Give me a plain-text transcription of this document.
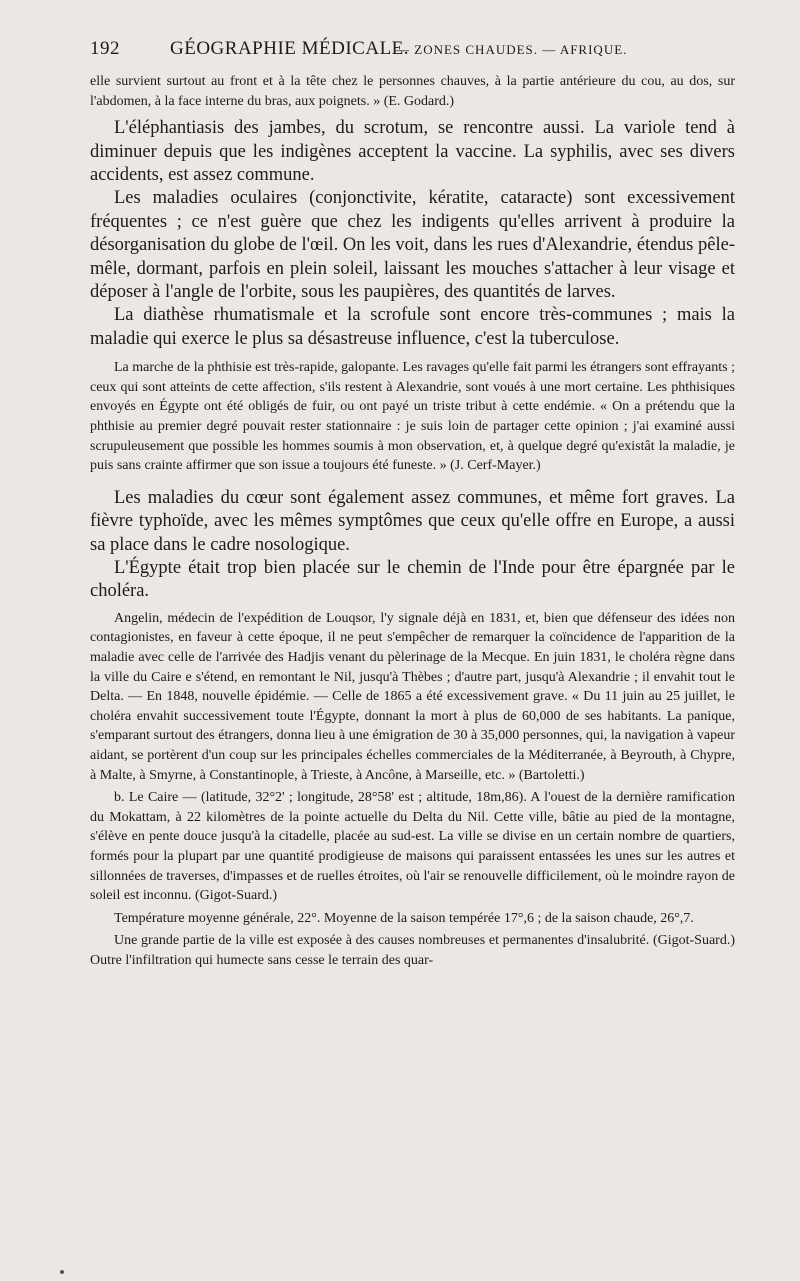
192	GÉOGRAPHIE MÉDICALE.
— ZONES CHAUDES. — AFRIQUE.

elle survient surtout au front et à la tête chez le personnes chauves, à la partie antérieure du cou, au dos, sur l'abdomen, à la face interne du bras, aux poignets. » (E. Godard.)

L'éléphantiasis des jambes, du scrotum, se rencontre aussi. La variole tend à diminuer depuis que les indigènes acceptent la vaccine. La syphilis, avec ses divers accidents, est assez commune.

Les maladies oculaires (conjonctivite, kératite, cataracte) sont excessivement fréquentes ; ce n'est guère que chez les indigents qu'elles arrivent à produire la désorganisation du globe de l'œil. On les voit, dans les rues d'Alexandrie, étendus pêle-mêle, dormant, parfois en plein soleil, laissant les mouches s'attacher à leur visage et déposer à l'angle de l'orbite, sous les paupières, des quantités de larves.

La diathèse rhumatismale et la scrofule sont encore très-communes ; mais la maladie qui exerce le plus sa désastreuse influence, c'est la tuberculose.

La marche de la phthisie est très-rapide, galopante. Les ravages qu'elle fait parmi les étrangers sont effrayants ; ceux qui sont atteints de cette affection, s'ils restent à Alexandrie, sont voués à une mort certaine. Les phthisiques envoyés en Égypte ont été obligés de fuir, ou ont payé un triste tribut à cette endémie. « On a prétendu que la phthisie au premier degré pouvait rester stationnaire : je suis loin de partager cette opinion ; j'ai examiné aussi scrupuleusement que possible les hommes soumis à mon observation, et, à quelque degré qu'existât la maladie, je puis sans crainte affirmer que son issue a toujours été funeste. » (J. Cerf-Mayer.)

Les maladies du cœur sont également assez communes, et même fort graves. La fièvre typhoïde, avec les mêmes symptômes que ceux qu'elle offre en Europe, a aussi sa place dans le cadre nosologique.

L'Égypte était trop bien placée sur le chemin de l'Inde pour être épargnée par le choléra.

Angelin, médecin de l'expédition de Louqsor, l'y signale déjà en 1831, et, bien que défenseur des idées non contagionistes, en faveur à cette époque, il ne peut s'empêcher de remarquer la coïncidence de l'apparition de la maladie avec celle de l'arrivée des Hadjis venant du pèlerinage de la Mecque. En juin 1831, le choléra règne dans la ville du Caire e s'étend, en remontant le Nil, jusqu'à Thèbes ; d'autre part, jusqu'à Alexandrie ; il envahit tout le Delta. — En 1848, nouvelle épidémie. — Celle de 1865 a été excessivement grave. « Du 11 juin au 25 juillet, le choléra envahit successivement toute l'Égypte, donnant la mort à plus de 60,000 de ses habitants. La panique, s'emparant surtout des étrangers, donna lieu à une émigration de 30 à 35,000 personnes, qui, la navigation à vapeur aidant, se portèrent d'un coup sur les principales échelles commerciales de la Méditerranée, à Beyrouth, à Chypre, à Malte, à Smyrne, à Constantinople, à Trieste, à Ancône, à Marseille, etc. » (Bartoletti.)

b. Le Caire — (latitude, 32°2' ; longitude, 28°58' est ; altitude, 18m,86). A l'ouest de la dernière ramification du Mokattam, à 22 kilomètres de la pointe actuelle du Delta du Nil. Cette ville, bâtie au pied de la montagne, s'élève en pente douce jusqu'à la citadelle, placée au sud-est. La ville se divise en un certain nombre de quartiers, formés pour la plupart par une quantité prodigieuse de maisons qui paraissent entassées les unes sur les autres et sillonnées de traverses, d'impasses et de ruelles étroites, où l'air se renouvelle difficilement, où le moindre rayon de soleil est inconnu. (Gigot-Suard.)

Température moyenne générale, 22°. Moyenne de la saison tempérée 17°,6 ; de la saison chaude, 26°,7.

Une grande partie de la ville est exposée à des causes nombreuses et permanentes d'insalubrité. (Gigot-Suard.) Outre l'infiltration qui humecte sans cesse le terrain des quar-
